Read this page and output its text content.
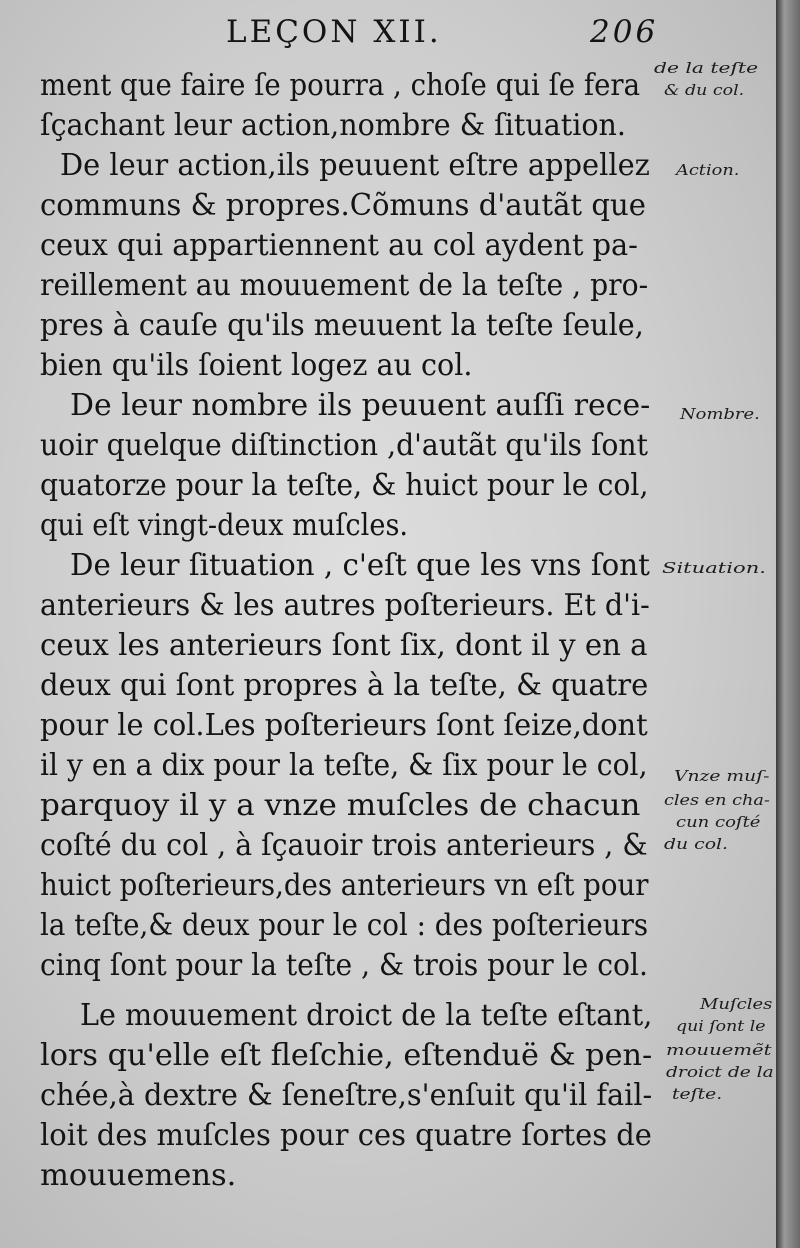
LEÇON XII.	206
ment que faire ſe pourra , choſe qui ſe fera
ſçachant leur action,nombre & ſituation.
De leur action,ils peuuent eſtre appellez
communs & propres.Cõmuns d'autãt que
ceux qui appartiennent au col aydent pa-
reillement au mouuement de la teſte , pro-
pres à cauſe qu'ils meuuent la teſte ſeule,
bien qu'ils ſoient logez au col.
De leur nombre ils peuuent auſſi rece-
uoir quelque diſtinction ,d'autãt qu'ils ſont
quatorze pour la teſte, & huict pour le col,
qui eſt vingt-deux muſcles.
De leur ſituation , c'eſt que les vns ſont
anterieurs & les autres poſterieurs. Et d'i-
ceux les anterieurs ſont ſix, dont il y en a
deux qui ſont propres à la teſte, & quatre
pour le col.Les poſterieurs ſont ſeize,dont
il y en a dix pour la teſte, & ſix pour le col,
parquoy il y a vnze muſcles de chacun
coſté du col , à ſçauoir trois anterieurs , &
huict poſterieurs,des anterieurs vn eſt pour
la teſte,& deux pour le col : des poſterieurs
cinq ſont pour la teſte , & trois pour le col.
Le mouuement droict de la teſte eſtant,
lors qu'elle eſt fleſchie, eſtenduë & pen-
chée,à dextre & ſeneſtre,s'enſuit qu'il fail-
loit des muſcles pour ces quatre ſortes de
mouuemens.
de la teſte
& du col.
Action.
Nombre.
Situation.
Vnze muſ-
cles en cha-
cun coſté
du col.
Muſcles
qui ſont le
mouuemẽt
droict de la
teſte.
